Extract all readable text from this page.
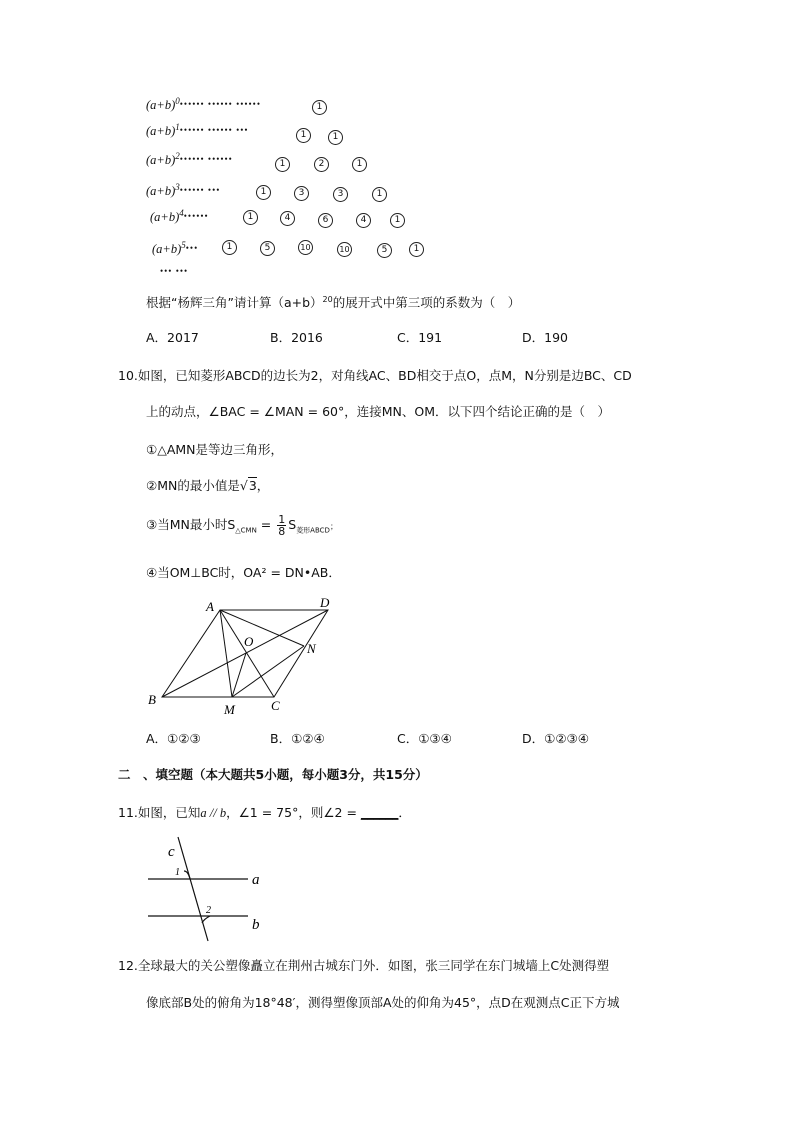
$(a+b)^0••••••$ •••••• ••••••
$(a+b)^1••••••$ •••••• •••
$(a+b)^2••••••$ ••••••
$(a+b)^3••••••$ •••
$(a+b)^4••••••$
$(a+b)^5•••$
••• •••
1
1	1
1	2	1
1	3	3	1
1	4	6	4	1
1	5	10	10	5	1
根据“杨辉三角”请计算$(a+b)^{20}$的展开式中第三项的系数为（　）
A．2017	B．2016	C．191	D．190
10.如图，已知菱形ABCD的边长为2，对角线AC、BD相交于点O，点M，N分别是边BC、CD
上的动点，∠BAC = ∠MAN = 60°，连接MN、OM．以下四个结论正确的是（　）
①△AMN是等边三角形，
②MN的最小值是√3，
③当MN最小时$S_{\triangle CMN} = \frac{1}{8} S_{菱形ABCD}$；
④当OM⊥BC时，OA² = DN•AB．
A	D
O	N
B
M	C
A．①②③	B．①②④	C．①③④	D．①②③④
二　、填空题（本大题共5小题，每小题3分，共15分）
11.如图，已知a // b，∠1 = 75°，则∠2 = ______．
c
1	a
2
b
12.全球最大的关公塑像矗立在荆州古城东门外．如图，张三同学在东门城墙上C处测得塑
像底部B处的俯角为18°48′，测得塑像顶部A处的仰角为45°，点D在观测点C正下方城
